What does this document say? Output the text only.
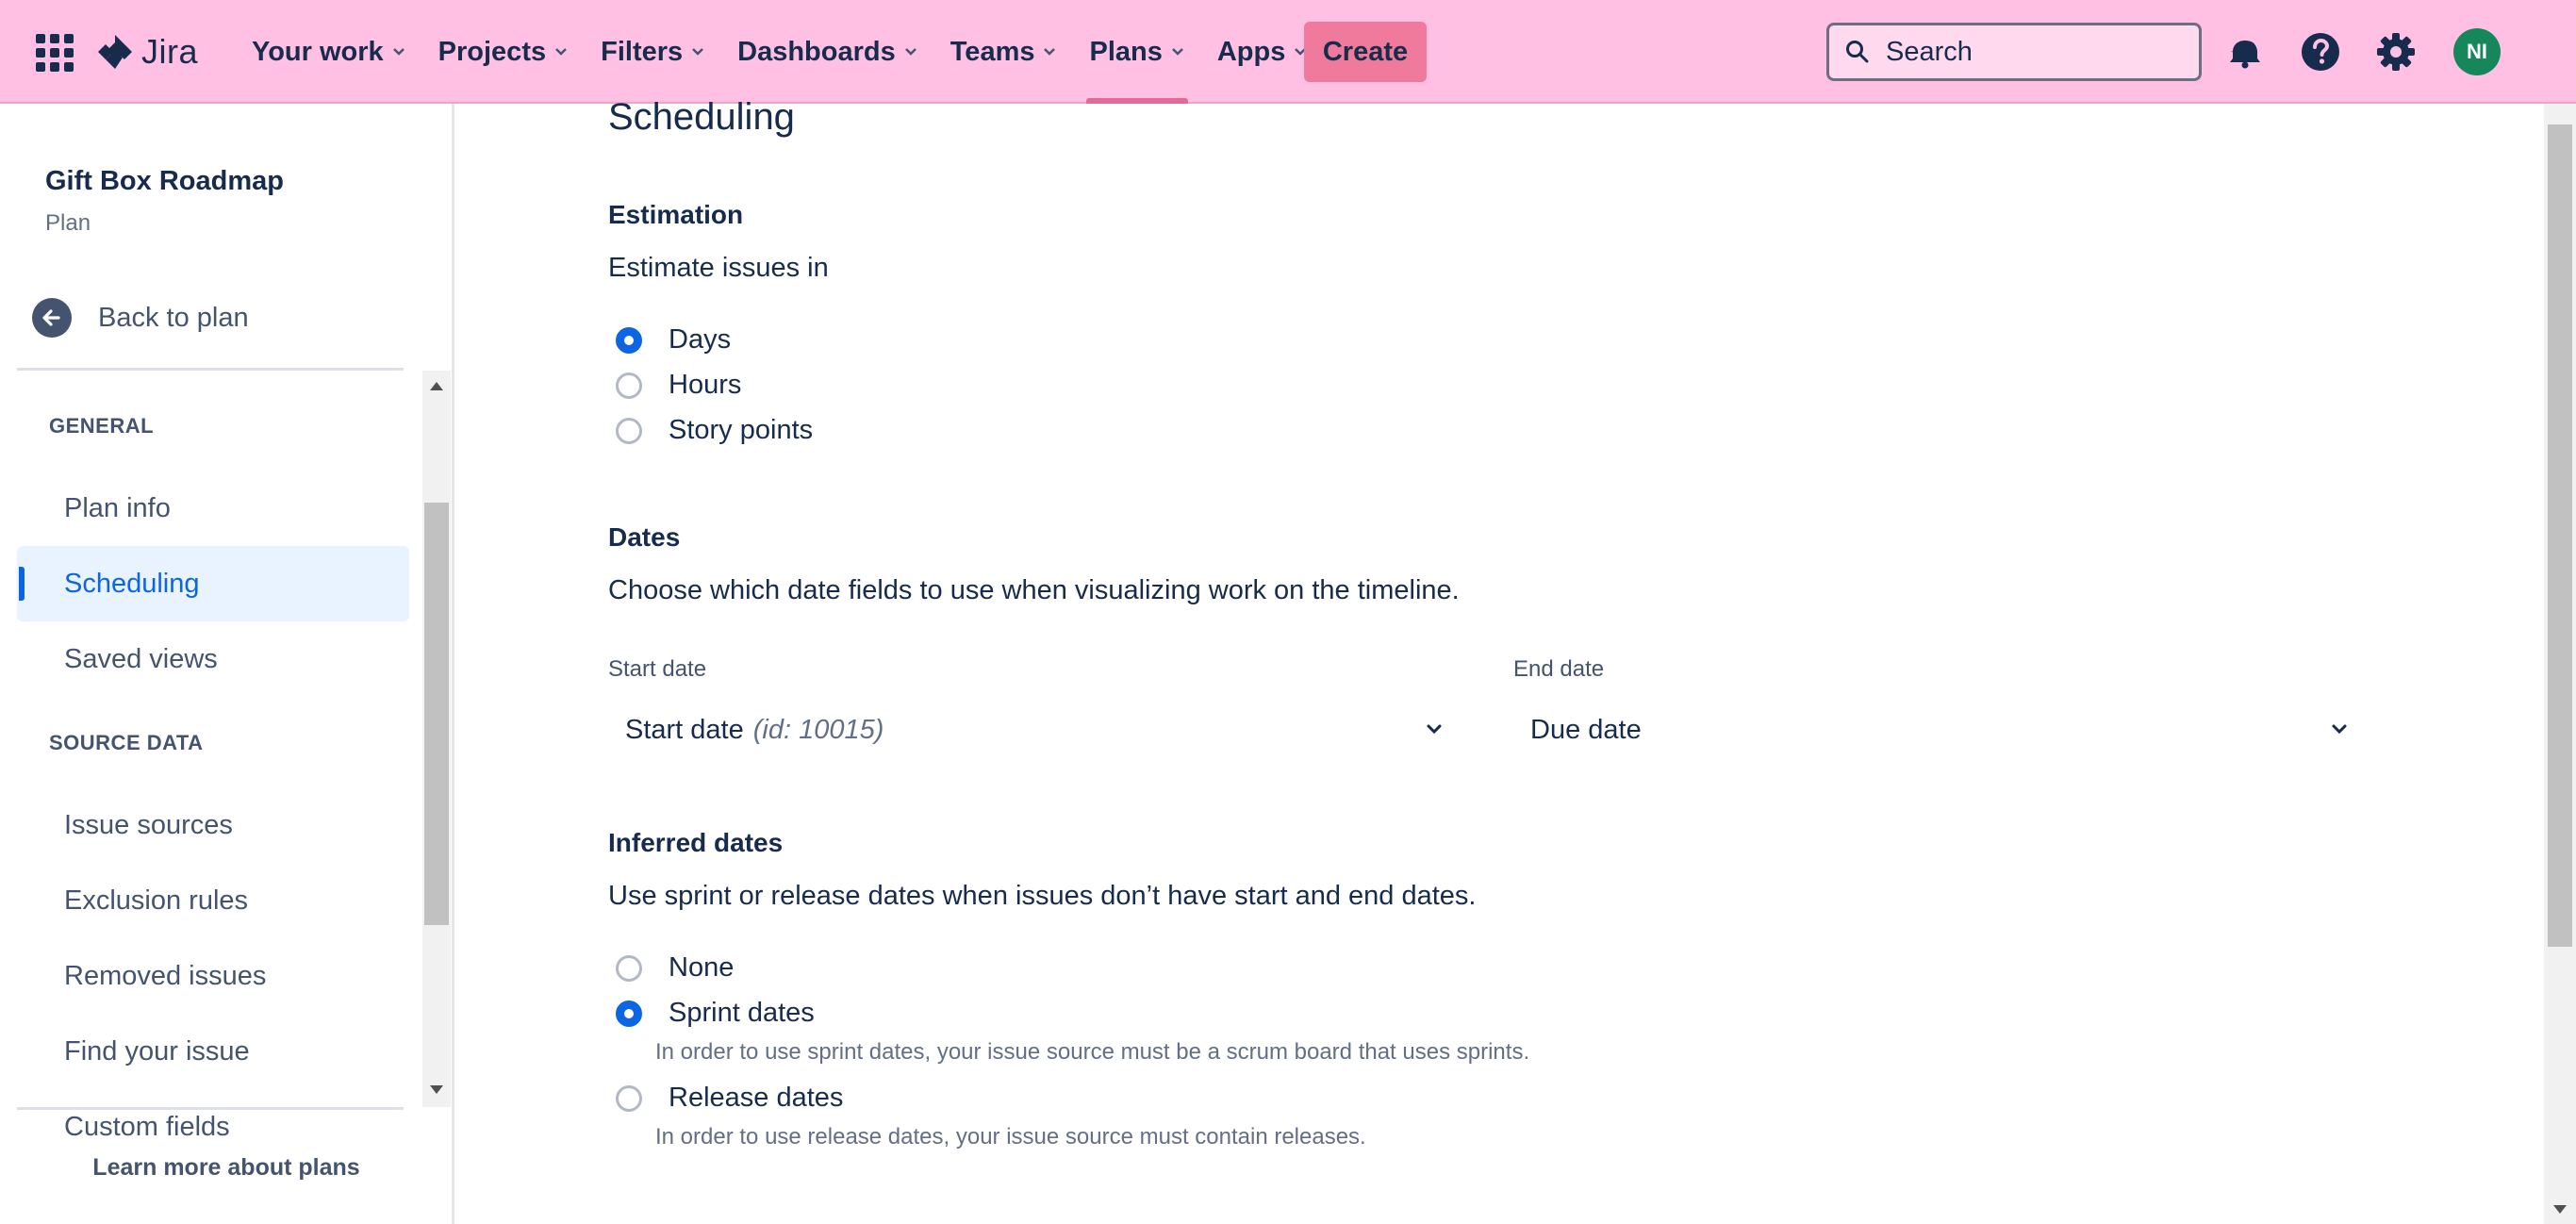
Jira Your work Projects Filters Dashboards Teams Plans Apps	Create	Search	NI
Gift Box Roadmap
Plan
Back to plan
GENERAL
Plan info
Scheduling
Saved views
SOURCE DATA
Issue sources
Exclusion rules
Removed issues
Find your issue
Custom fields
Learn more about plans
Scheduling
Estimation
Estimate issues in
Days
Hours
Story points
Dates
Choose which date fields to use when visualizing work on the timeline.
Start date
Start date (id: 10015)
End date
Due date
Inferred dates
Use sprint or release dates when issues don’t have start and end dates.
None
Sprint dates
In order to use sprint dates, your issue source must be a scrum board that uses sprints.
Release dates
In order to use release dates, your issue source must contain releases.
